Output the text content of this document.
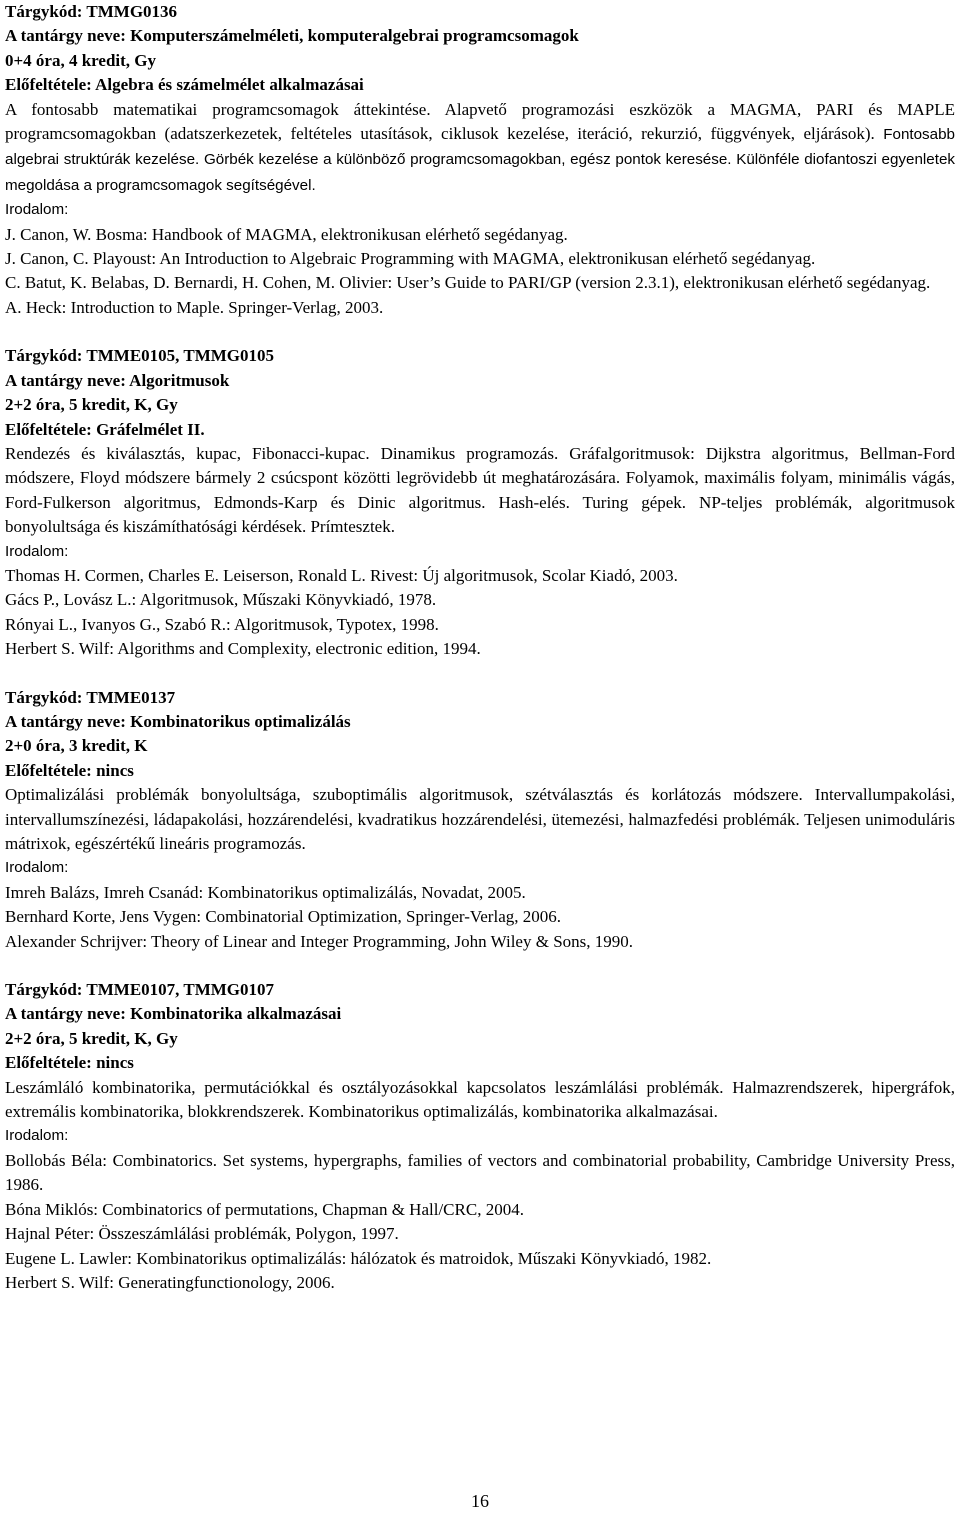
Tárgykód: TMMG0136

A tantárgy neve: Komputerszámelméleti, komputeralgebrai programcsomagok

0+4 óra, 4 kredit, Gy

Előfeltétele: Algebra és számelmélet alkalmazásai

A fontosabb matematikai programcsomagok áttekintése. Alapvető programozási eszközök a MAGMA, PARI és MAPLE programcsomagokban (adatszerkezetek, feltételes utasítások, ciklusok kezelése, iteráció, rekurzió, függvények, eljárások). Fontosabb algebrai struktúrák kezelése. Görbék kezelése a különböző programcsomagokban, egész pontok keresése. Különféle diofantoszi egyenletek megoldása a programcsomagok segítségével.

Irodalom:

J. Canon, W. Bosma: Handbook of MAGMA, elektronikusan elérhető segédanyag.

J. Canon, C. Playoust: An Introduction to Algebraic Programming with MAGMA, elektronikusan elérhető segédanyag.

C. Batut, K. Belabas, D. Bernardi, H. Cohen, M. Olivier: User’s Guide to PARI/GP (version 2.3.1), elektronikusan elérhető segédanyag.

A. Heck: Introduction to Maple. Springer-Verlag, 2003.

Tárgykód: TMME0105, TMMG0105

A tantárgy neve: Algoritmusok

2+2 óra, 5 kredit, K, Gy

Előfeltétele: Gráfelmélet II.

Rendezés és kiválasztás, kupac, Fibonacci-kupac. Dinamikus programozás. Gráfalgoritmusok: Dijkstra algoritmus, Bellman-Ford módszere, Floyd módszere bármely 2 csúcspont közötti legrövidebb út meghatározására. Folyamok, maximális folyam, minimális vágás, Ford-Fulkerson algoritmus, Edmonds-Karp és Dinic algoritmus. Hash-elés. Turing gépek. NP-teljes problémák, algoritmusok bonyolultsága és kiszámíthatósági kérdések. Prímtesztek.

Irodalom:

Thomas H. Cormen, Charles E. Leiserson, Ronald L. Rivest: Új algoritmusok, Scolar Kiadó, 2003.

Gács P., Lovász L.: Algoritmusok, Műszaki Könyvkiadó, 1978.

Rónyai L., Ivanyos G., Szabó R.: Algoritmusok, Typotex, 1998.

Herbert S. Wilf: Algorithms and Complexity, electronic edition, 1994.

Tárgykód: TMME0137

A tantárgy neve: Kombinatorikus optimalizálás

2+0 óra, 3 kredit, K

Előfeltétele: nincs

Optimalizálási problémák bonyolultsága, szuboptimális algoritmusok, szétválasztás és korlátozás módszere. Intervallumpakolási, intervallumszínezési, ládapakolási, hozzárendelési, kvadratikus hozzárendelési, ütemezési, halmazfedési problémák. Teljesen unimoduláris mátrixok, egészértékű lineáris programozás.

Irodalom:

Imreh Balázs, Imreh Csanád: Kombinatorikus optimalizálás, Novadat, 2005.

Bernhard Korte, Jens Vygen: Combinatorial Optimization, Springer-Verlag, 2006.

Alexander Schrijver: Theory of Linear and Integer Programming, John Wiley & Sons, 1990.

Tárgykód: TMME0107, TMMG0107

A tantárgy neve: Kombinatorika alkalmazásai

2+2 óra, 5 kredit, K, Gy

Előfeltétele: nincs

Leszámláló kombinatorika, permutációkkal és osztályozásokkal kapcsolatos leszámlálási problémák. Halmazrendszerek, hipergráfok, extremális kombinatorika, blokkrendszerek. Kombinatorikus optimalizálás, kombinatorika alkalmazásai.

Irodalom:

Bollobás Béla: Combinatorics. Set systems, hypergraphs, families of vectors and combinatorial probability, Cambridge University Press, 1986.

Bóna Miklós: Combinatorics of permutations, Chapman & Hall/CRC, 2004.

Hajnal Péter: Összeszámlálási problémák, Polygon, 1997.

Eugene L. Lawler: Kombinatorikus optimalizálás: hálózatok és matroidok, Műszaki Könyvkiadó, 1982.

Herbert S. Wilf: Generatingfunctionology, 2006.

16
